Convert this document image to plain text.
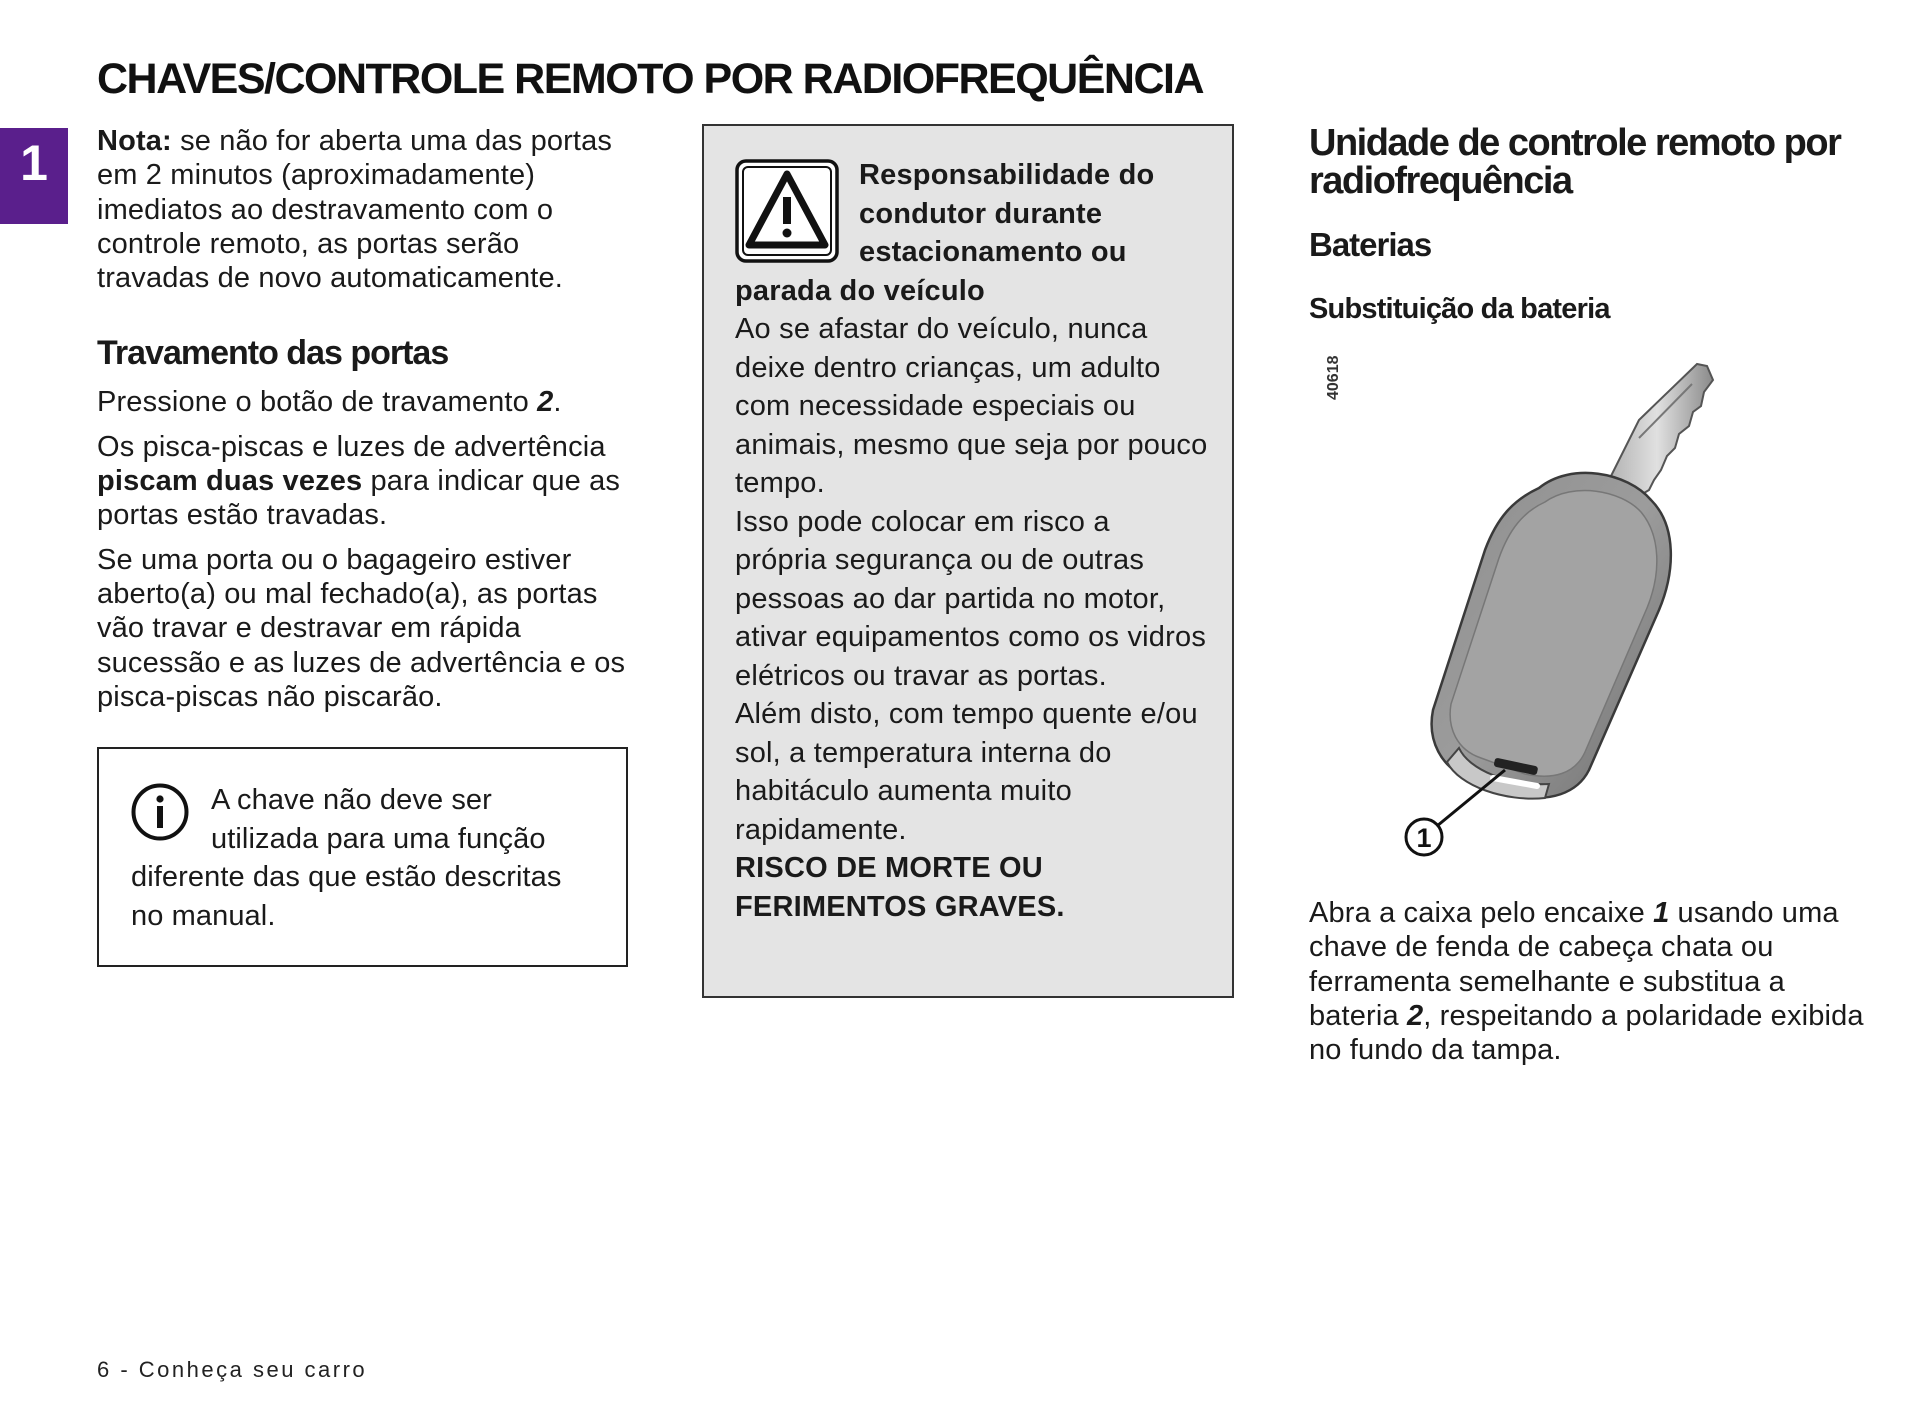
CHAVES/CONTROLE REMOTO POR RADIOFREQUÊNCIA
1	Nota: se não for aberta uma das portas em 2 minutos (aproximadamente) imediatos ao destravamento com o controle remoto, as portas serão travadas de novo automaticamente.

Travamento das portas

Pressione o botão de travamento 2.

Os pisca-piscas e luzes de advertência piscam duas vezes para indicar que as portas estão travadas.

Se uma porta ou o bagageiro estiver aberto(a) ou mal fechado(a), as portas vão travar e destravar em rápida sucessão e as luzes de advertência e os pisca-piscas não piscarão.

A chave não deve ser utilizada para uma função diferente das que estão descritas no manual.

Responsabilidade do condutor durante estacionamento ou parada do veículo

Ao se afastar do veículo, nunca deixe dentro crianças, um adulto com necessidade especiais ou animais, mesmo que seja por pouco tempo.

Isso pode colocar em risco a própria segurança ou de outras pessoas ao dar partida no motor, ativar equipamentos como os vidros elétricos ou travar as portas.

Além disto, com tempo quente e/ou sol, a temperatura interna do habitáculo aumenta muito rapidamente.

RISCO DE MORTE OU FERIMENTOS GRAVES.

Unidade de controle remoto por radiofrequência
Baterias
Substituição da bateria
40618
1

Abra a caixa pelo encaixe 1 usando uma chave de fenda de cabeça chata ou ferramenta semelhante e substitua a bateria 2, respeitando a polaridade exibida no fundo da tampa.

6 - Conheça seu carro
